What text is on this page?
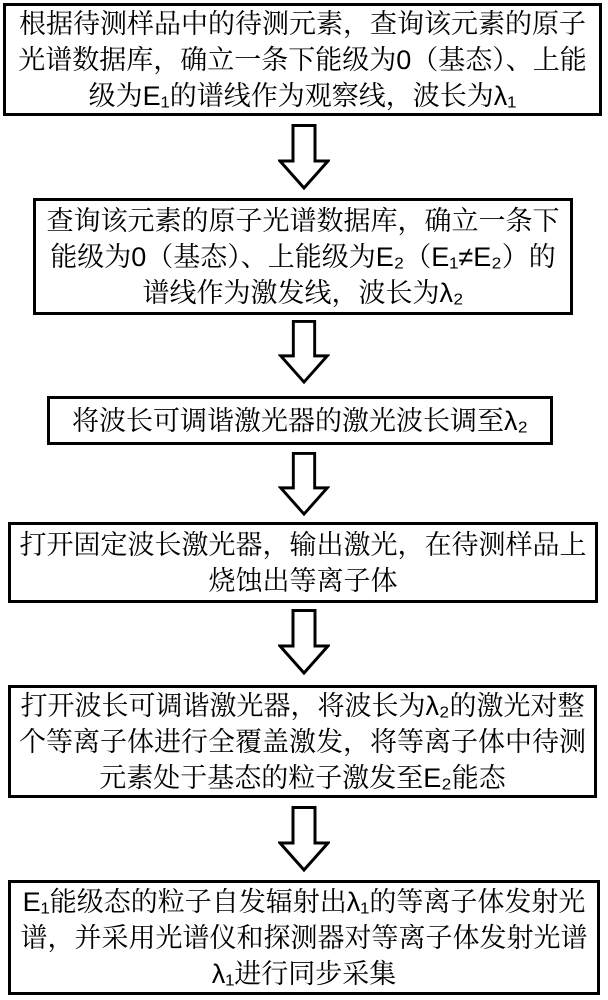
根据待测样品中的待测元素，查询该元素的原子光谱数据库，确立一条下能级为0（基态）、上能级为E₁的谱线作为观察线，波长为λ₁
查询该元素的原子光谱数据库，确立一条下能级为0（基态）、上能级为E₂（E₁≠E₂）的谱线作为激发线，波长为λ₂
将波长可调谐激光器的激光波长调至λ₂
打开固定波长激光器，输出激光，在待测样品上烧蚀出等离子体
打开波长可调谐激光器，将波长为λ₂的激光对整个等离子体进行全覆盖激发，将等离子体中待测元素处于基态的粒子激发至E₂能态
E₁能级态的粒子自发辐射出λ₁的等离子体发射光谱，并采用光谱仪和探测器对等离子体发射光谱λ₁进行同步采集
